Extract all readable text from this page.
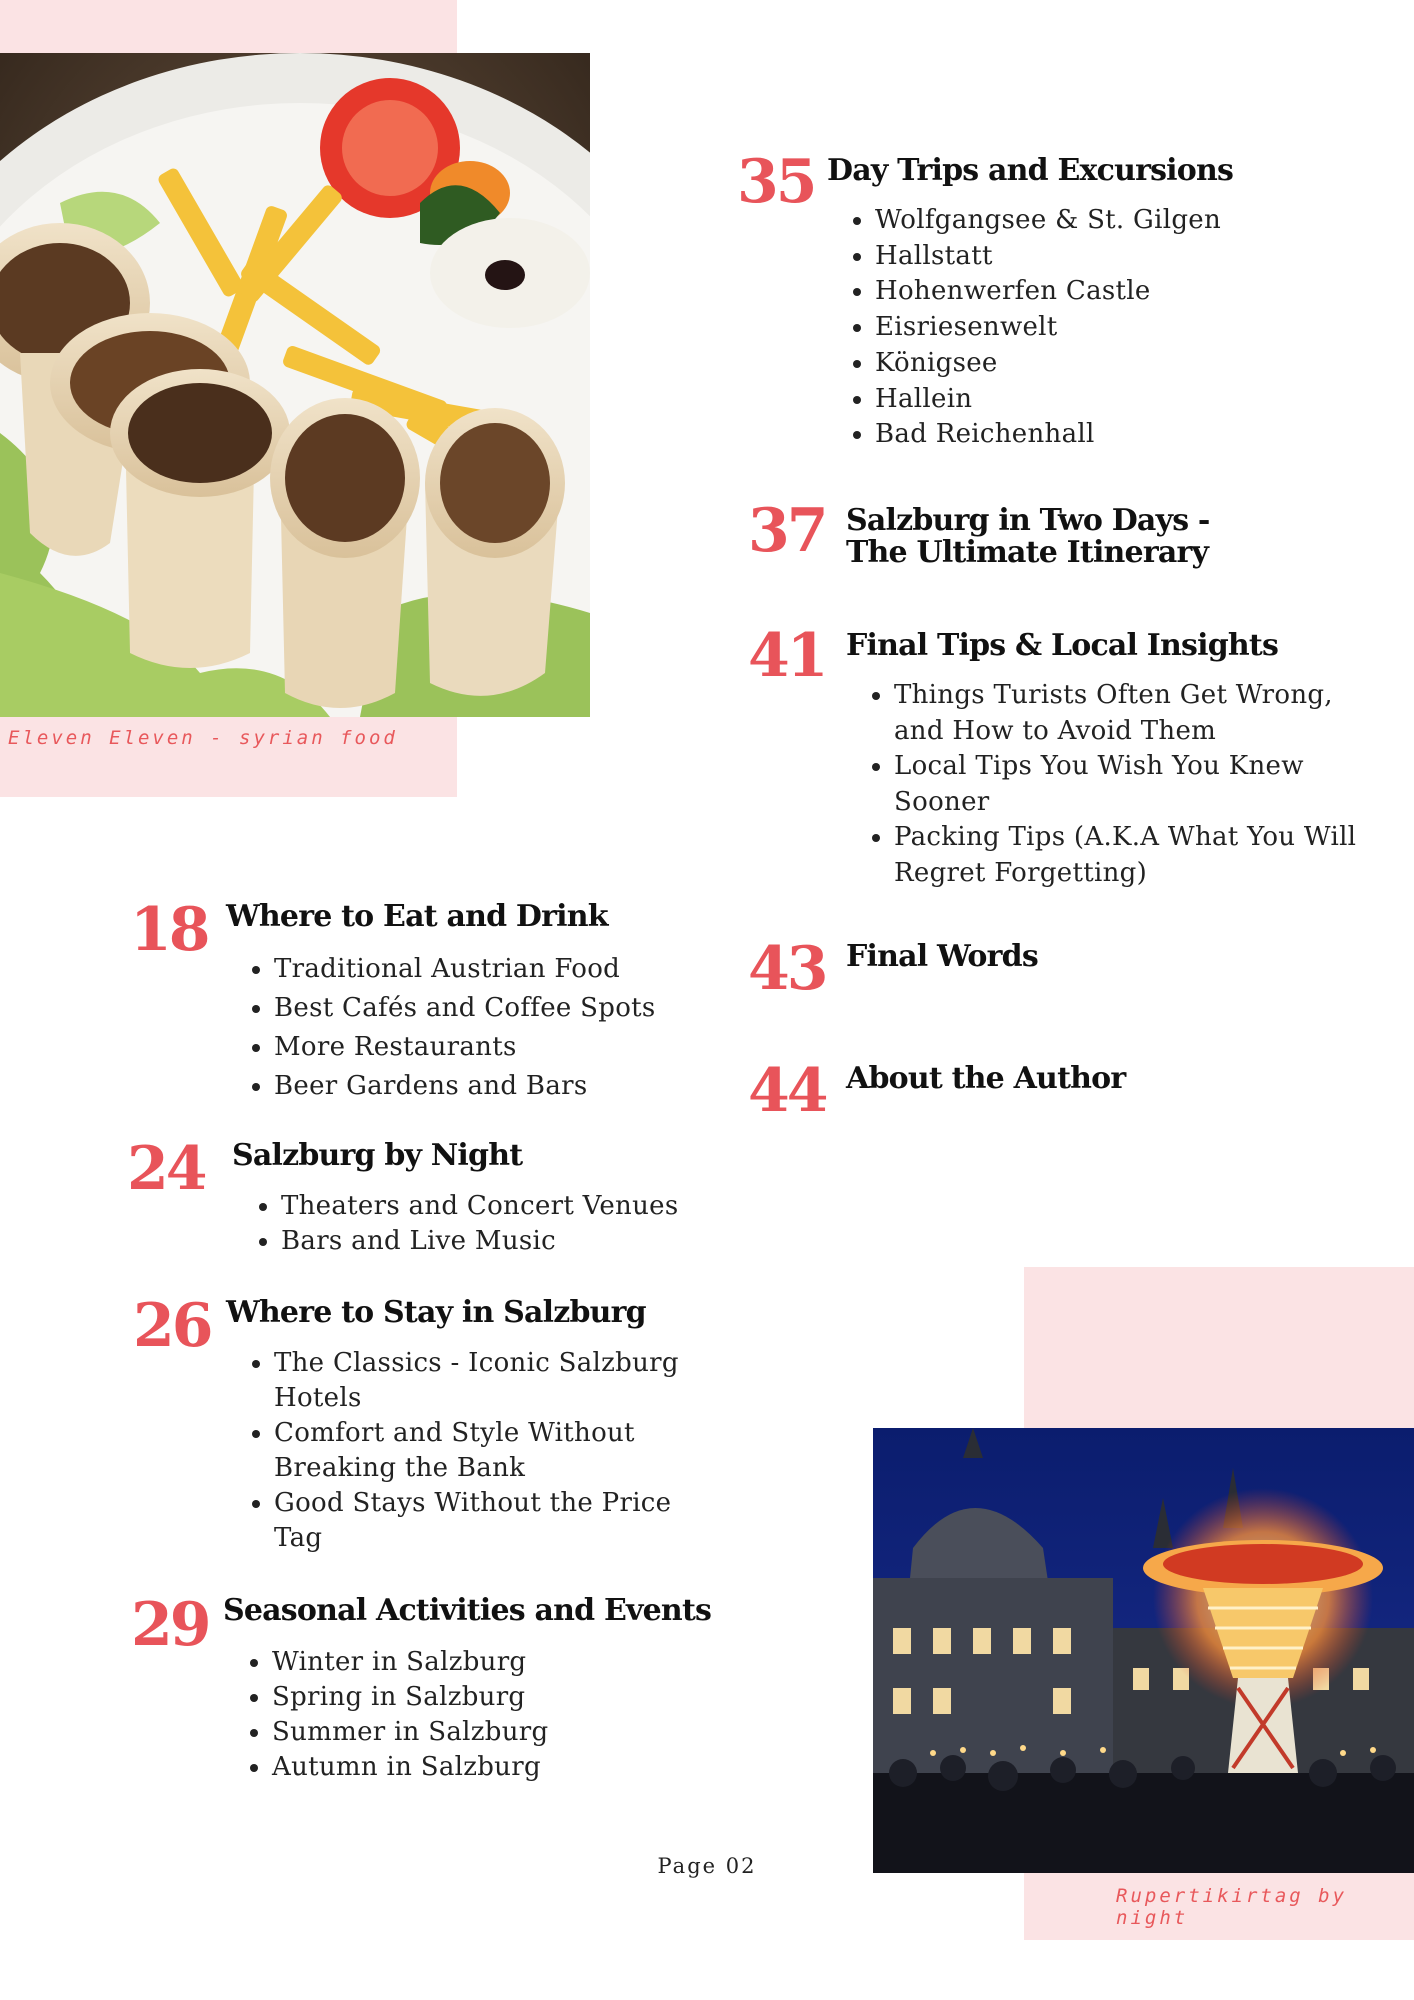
Eleven Eleven - syrian food
Rupertikirtag by night
18 Where to Eat and Drink
• Traditional Austrian Food
• Best Cafés and Coffee Spots
• More Restaurants
• Beer Gardens and Bars
24 Salzburg by Night
• Theaters and Concert Venues
• Bars and Live Music
26 Where to Stay in Salzburg
• The Classics - Iconic Salzburg Hotels
• Comfort and Style Without Breaking the Bank
• Good Stays Without the Price Tag
29 Seasonal Activities and Events
• Winter in Salzburg
• Spring in Salzburg
• Summer in Salzburg
• Autumn in Salzburg
35 Day Trips and Excursions
• Wolfgangsee & St. Gilgen
• Hallstatt
• Hohenwerfen Castle
• Eisriesenwelt
• Königsee
• Hallein
• Bad Reichenhall
37 Salzburg in Two Days - The Ultimate Itinerary
41 Final Tips & Local Insights
• Things Turists Often Get Wrong, and How to Avoid Them
• Local Tips You Wish You Knew Sooner
• Packing Tips (A.K.A What You Will Regret Forgetting)
43 Final Words
44 About the Author
Page 02
